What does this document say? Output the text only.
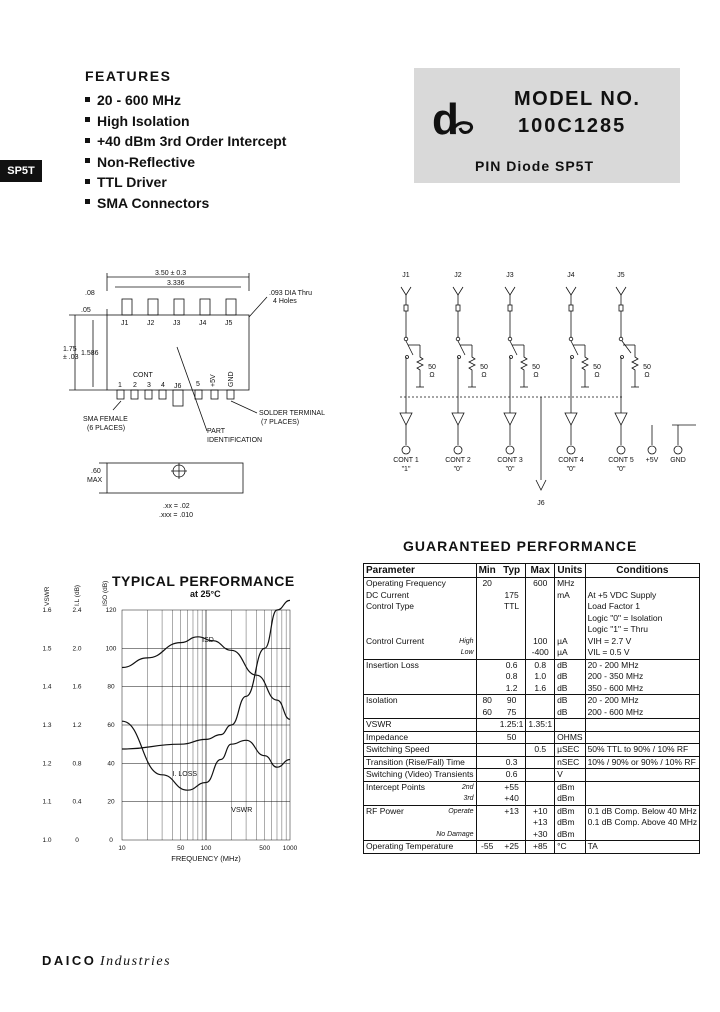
FEATURES
20 - 600 MHz
High Isolation
+40 dBm 3rd Order Intercept
Non-Reflective
TTL Driver
SMA Connectors
SP5T
d	MODEL NO.
100C1285
PIN Diode SP5T
3.50 ± 0.3
3.336
.08
.05
1.75
± .03
1.586
.093 DIA Thru
4 Holes
J1	J2	J3	J4	J5
CONT
1 2 3 4 J6 5 +5V GND
SMA FEMALE
(6 PLACES)
SOLDER TERMINAL
(7 PLACES)
PART
IDENTIFICATION
.60
MAX
.xx = .02
.xxx = .010
J1	J2	J3	J4	J5
50
Ω
50
Ω
50
Ω
50
Ω
50
Ω
CONT 1
"1"
CONT 2
"0"
CONT 3
"0"
CONT 4
"0"
CONT 5
"0"
+5V GND
J6
TYPICAL PERFORMANCE
at 25°C
VSWR
1.0
1.1
1.2
1.3
1.4
1.5
1.6
I.L (dB)
0
0.4
0.8
1.2
1.6
2.0
2.4
ISO (dB)
0
20
40
60
80
100
120
10	50 100	500 1000
FREQUENCY (MHz)
ISD
I. LOSS
VSWR
GUARANTEED PERFORMANCE
Parameter	Min	Typ	Max	Units	Conditions
Operating Frequency	20		600	MHz	
DC Current		175		mA	At +5 VDC Supply
Control Type		TTL			Load Factor 1
					Logic "0" = Isolation
					Logic "1" = Thru
Control Current High			100	µA	VIH = 2.7 V

Low			-400	µA	VIL = 0.5 V
Insertion Loss		0.6	0.8	dB	20 - 200 MHz
		0.8	1.0	dB	200 - 350 MHz
		1.2	1.6	dB	350 - 600 MHz
Isolation	80	90		dB	20 - 200 MHz
	60	75		dB	200 - 600 MHz
VSWR		1.25:1	1.35:1		
Impedance		50		OHMS	
Switching Speed			0.5	µSEC	50% TTL to 90% / 10% RF
Transition (Rise/Fall) Time		0.3		nSEC	10% / 90% or 90% / 10% RF
Switching (Video) Transients		0.6		V	
Intercept Points 2nd		+55		dBm	

3rd		+40		dBm	
RF Power Operate		+13	+10	dBm	0.1 dB Comp. Below 40 MHz
			+13	dBm	0.1 dB Comp. Above 40 MHz

No Damage			+30	dBm	
Operating Temperature	-55	+25	+85	°C	TA
DAICO Industries
